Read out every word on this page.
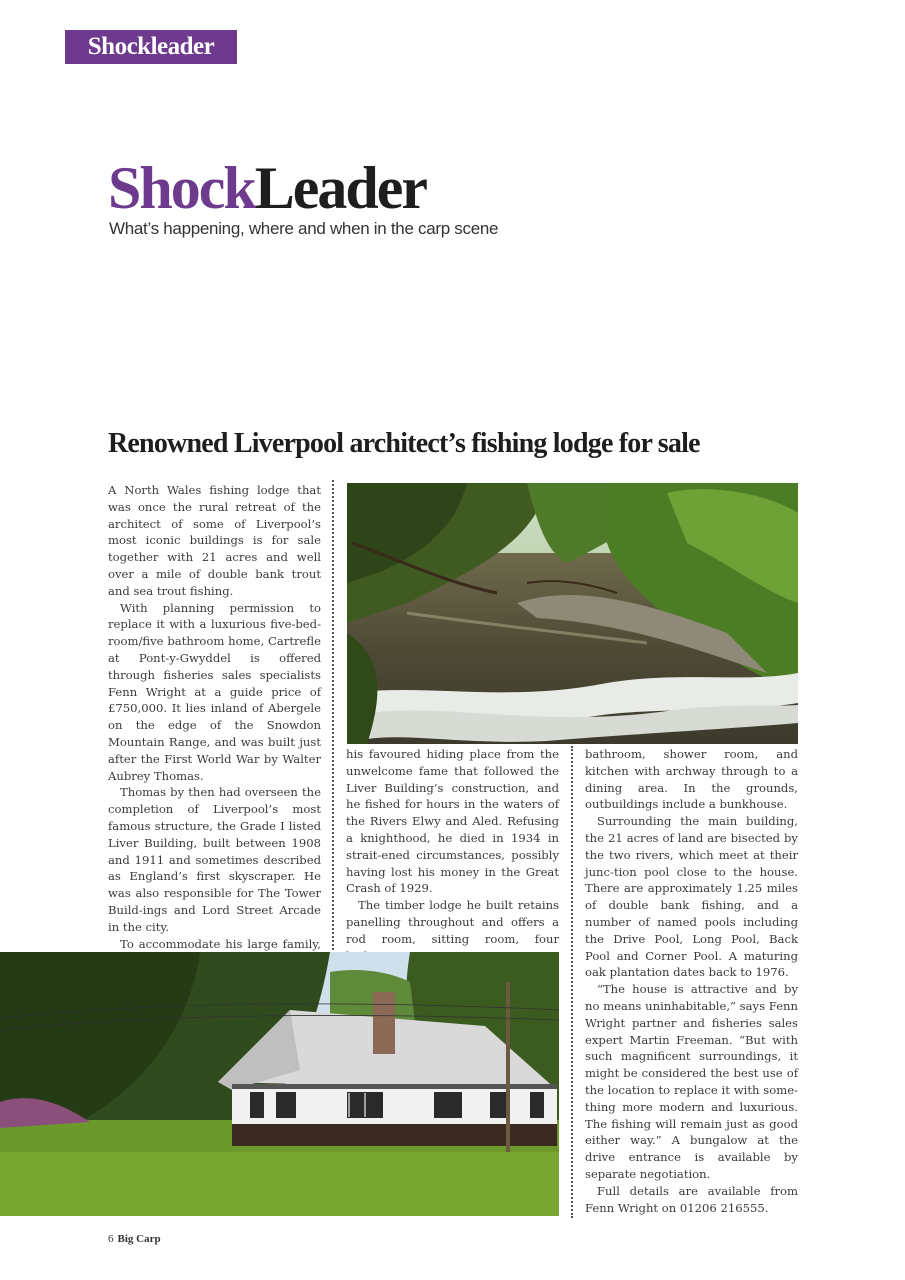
Shockleader
ShockLeader
What’s happening, where and when in the carp scene
Renowned Liverpool architect’s fishing lodge for sale

A North Wales fishing lodge that was once the rural retreat of the architect of some of Liverpool’s most iconic buildings is for sale together with 21 acres and well over a mile of double bank trout and sea trout fishing.

With planning permission to replace it with a luxurious five-bed-room/five bathroom home, Cartrefle at Pont-y-Gwyddel is offered through fisheries sales specialists Fenn Wright at a guide price of £750,000. It lies inland of Abergele on the edge of the Snowdon Mountain Range, and was built just after the First World War by Walter Aubrey Thomas.

Thomas by then had overseen the completion of Liverpool’s most famous structure, the Grade I listed Liver Building, built between 1908 and 1911 and sometimes described as England’s first skyscraper. He was also responsible for The Tower Build-ings and Lord Street Arcade in the city.

To accommodate his large family,

his favoured hiding place from the unwelcome fame that followed the Liver Building’s construction, and he fished for hours in the waters of the Rivers Elwy and Aled. Refusing a knighthood, he died in 1934 in strait-ened circumstances, possibly having lost his money in the Great Crash of 1929.

The timber lodge he built retains panelling throughout and offers a rod room, sitting room, four

bathroom, shower room, and kitchen with archway through to a dining area. In the grounds, outbuildings include a bunkhouse.

Surrounding the main building, the 21 acres of land are bisected by the two rivers, which meet at their junc-tion pool close to the house. There are approximately 1.25 miles of double bank fishing, and a number of named pools including the Drive Pool, Long Pool, Back Pool and Corner Pool. A maturing oak plantation dates back to 1976.

“The house is attractive and by no means uninhabitable,” says Fenn Wright partner and fisheries sales expert Martin Freeman. “But with such magnificent surroundings, it might be considered the best use of the location to replace it with some-thing more modern and luxurious. The fishing will remain just as good either way.” A bungalow at the drive entrance is available by separate negotiation.

Full details are available from Fenn Wright on 01206 216555.

6 Big Carp
